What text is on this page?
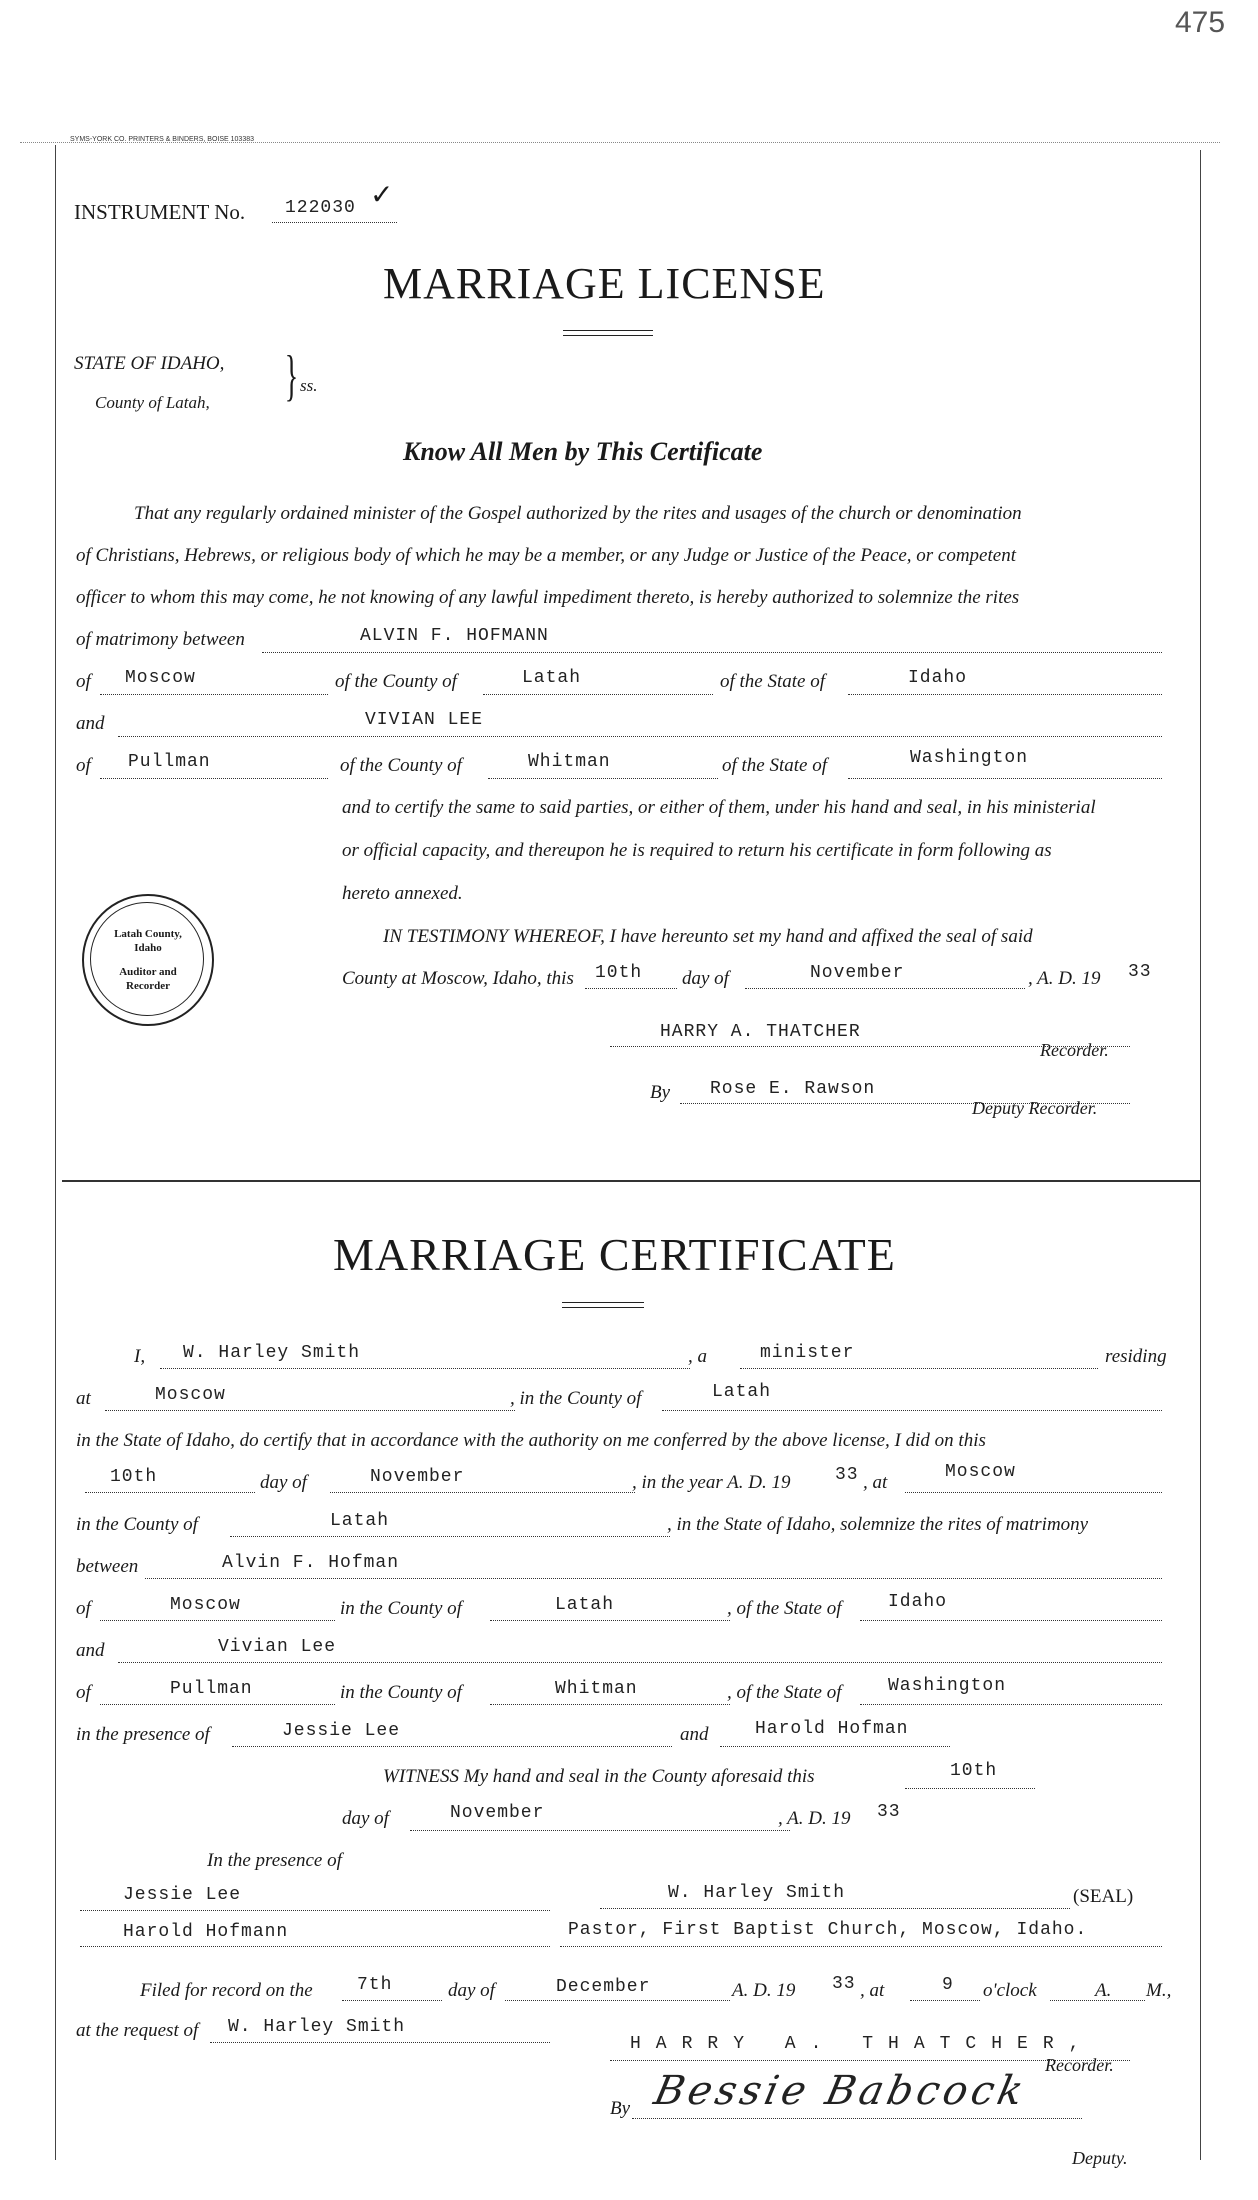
475
SYMS-YORK CO. PRINTERS & BINDERS, BOISE 103383
INSTRUMENT No. 122030 ✓
MARRIAGE LICENSE
STATE OF IDAHO,
County of Latah, } ss.
Know All Men by This Certificate
That any regularly ordained minister of the Gospel authorized by the rites and usages of the church or denomination
of Christians, Hebrews, or religious body of which he may be a member, or any Judge or Justice of the Peace, or competent
officer to whom this may come, he not knowing of any lawful impediment thereto, is hereby authorized to solemnize the rites
of matrimony between	ALVIN F. HOFMANN
of Moscow	of the County of	Latah	of the State of	Idaho
and	VIVIAN LEE
of Pullman	of the County of	Whitman	of the State of	Washington
and to certify the same to said parties, or either of them, under his hand and seal, in his ministerial
or official capacity, and thereupon he is required to return his certificate in form following as
hereto annexed.
Latah County,
Idaho
Auditor and
Recorder
IN TESTIMONY WHEREOF, I have hereunto set my hand and affixed the seal of said
County at Moscow, Idaho, this 10th day of	November	, A. D. 19 33
HARRY A. THATCHER
Recorder.
By Rose E. Rawson
Deputy Recorder.
MARRIAGE CERTIFICATE
I, W. Harley Smith	, a	minister	residing
at	Moscow	, in the County of	Latah
in the State of Idaho, do certify that in accordance with the authority on me conferred by the above license, I did on this
10th	day of	November	, in the year A. D. 19 33 , at	Moscow
in the County of	Latah	, in the State of Idaho, solemnize the rites of matrimony
between	Alvin F. Hofman
of	Moscow	in the County of	Latah	, of the State of	Idaho
and	Vivian Lee
of	Pullman	in the County of	Whitman	, of the State of	Washington
in the presence of	Jessie Lee	and	Harold Hofman
WITNESS My hand and seal in the County aforesaid this	10th
day of	November	, A. D. 19 33
In the presence of
Jessie Lee	W. Harley Smith	(SEAL)
Harold Hofmann	Pastor, First Baptist Church, Moscow, Idaho.
Filed for record on the 7th	day of	December	A. D. 19 33 , at	9 o'clock	A. M.,
at the request of W. Harley Smith
HARRY A. THATCHER,
Recorder.
By Bessie Babcock
Deputy.
